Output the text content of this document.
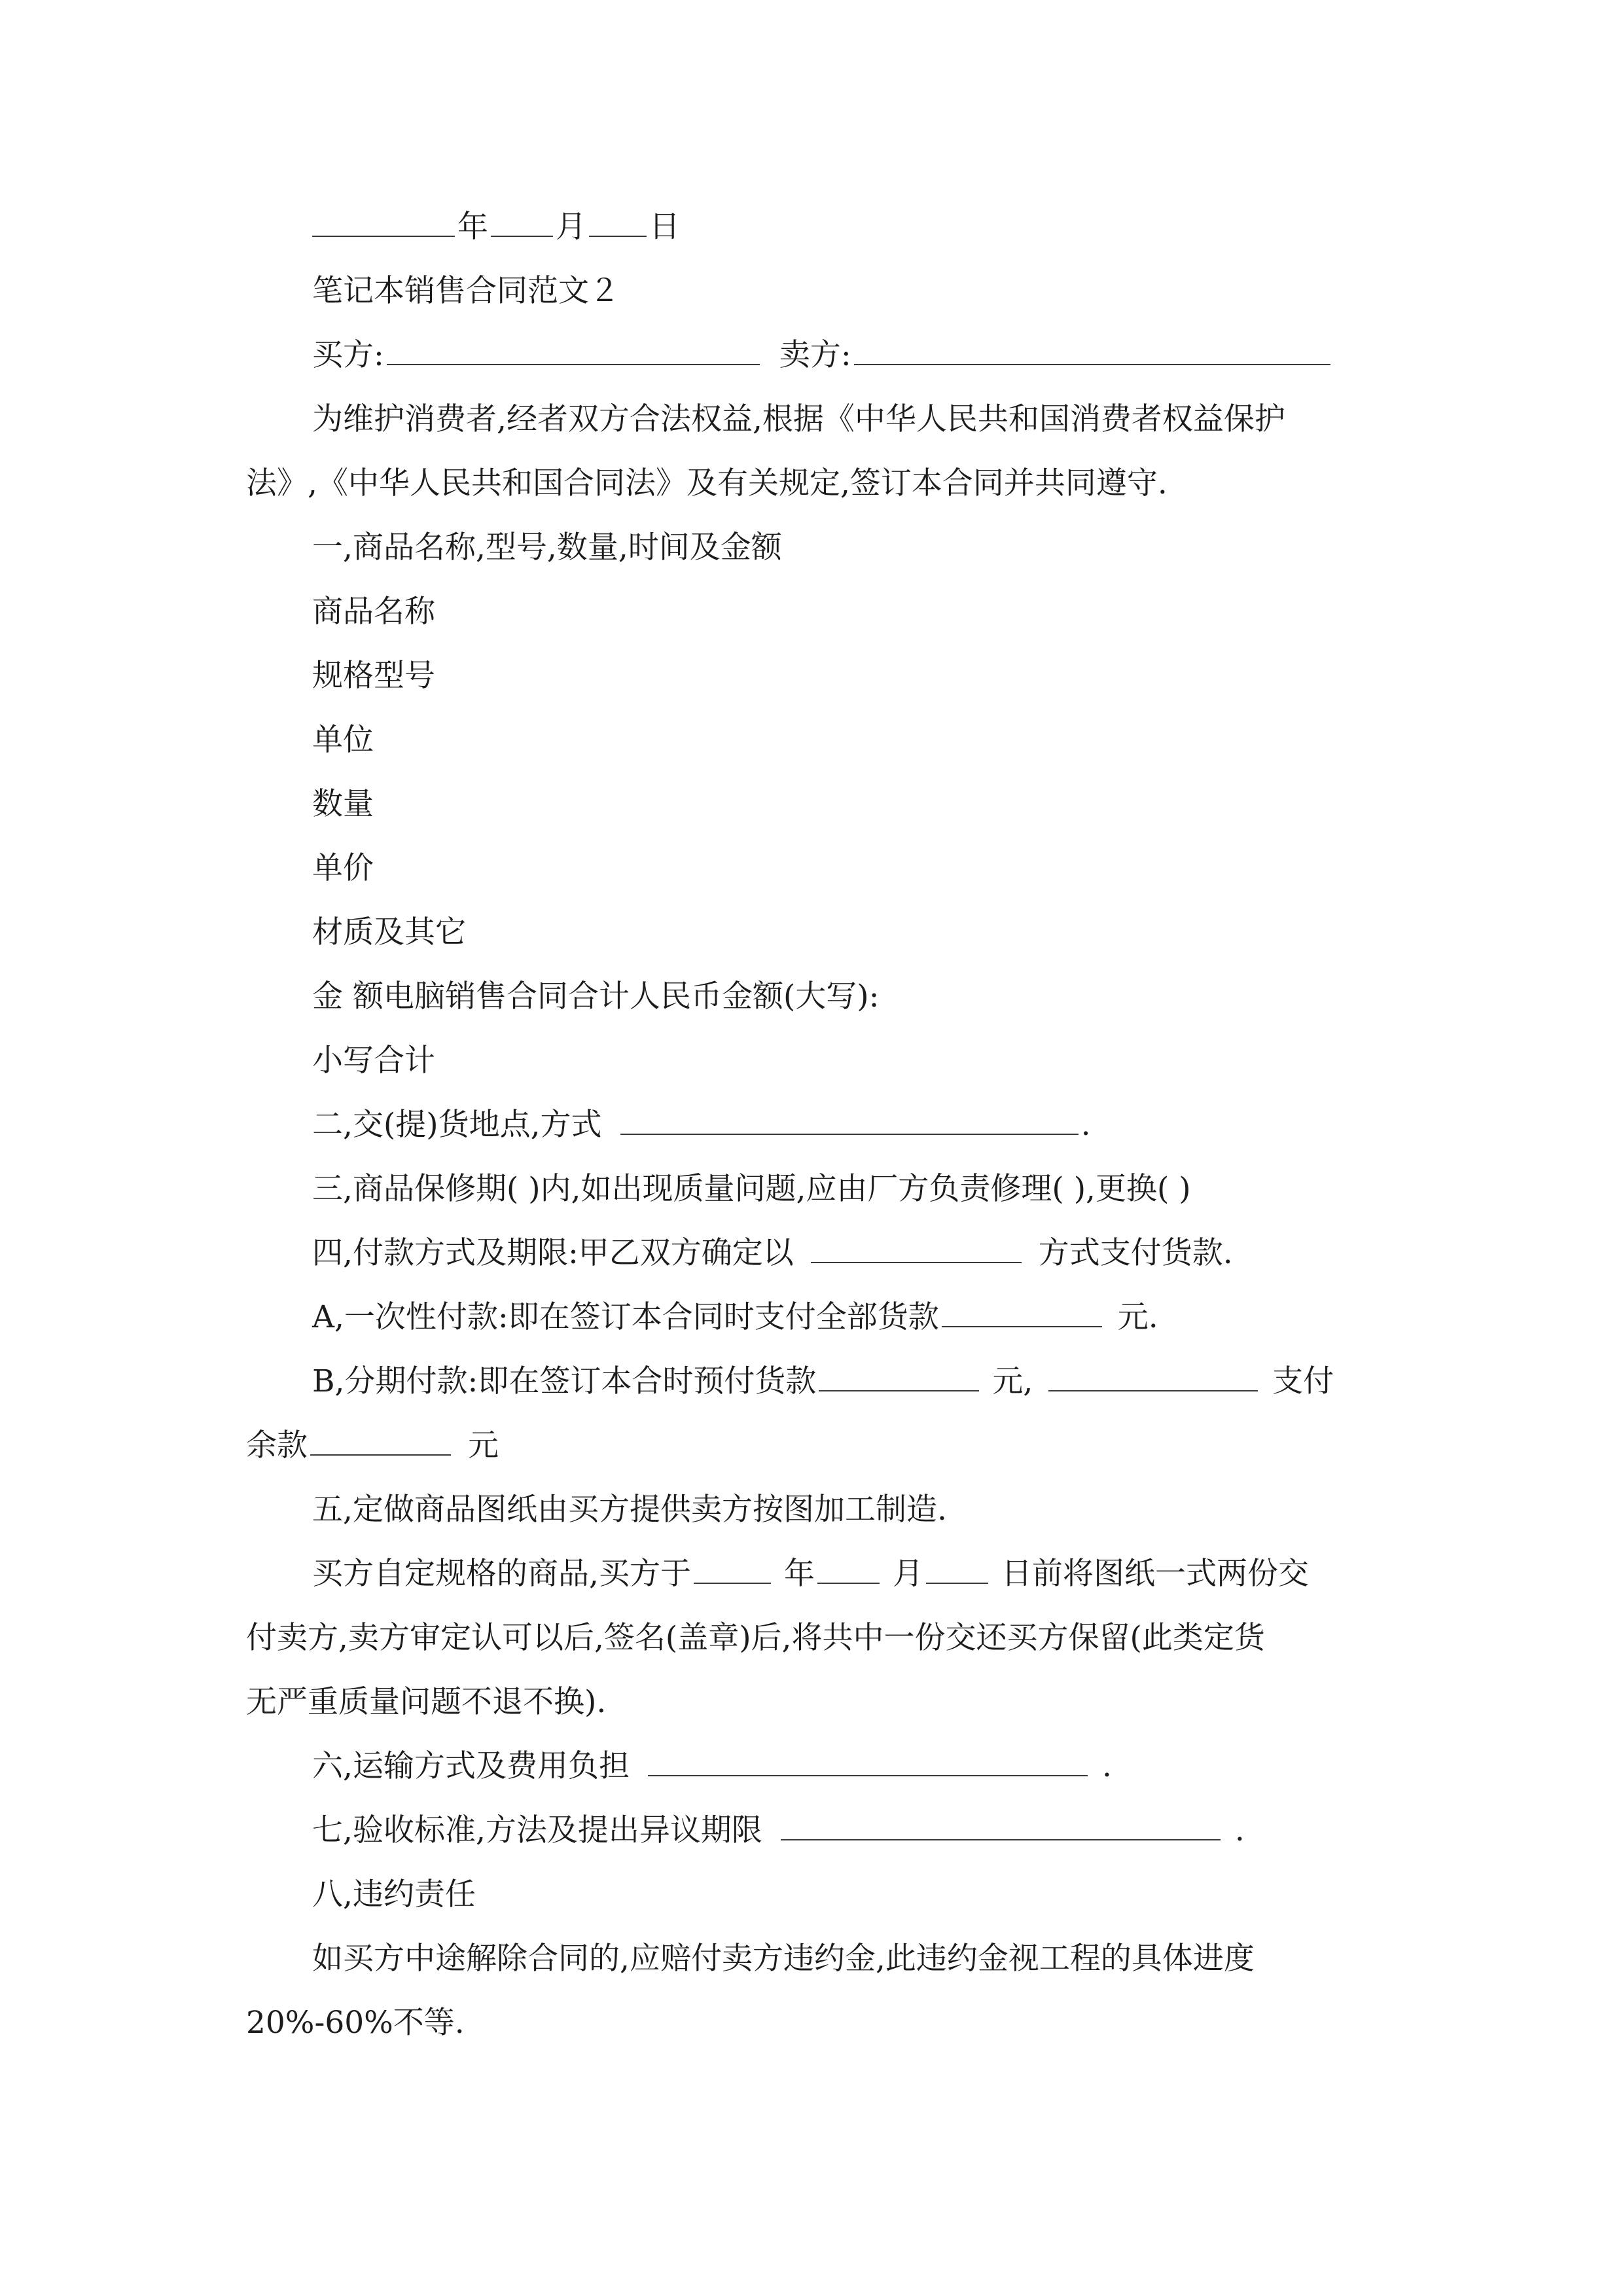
年 月 日
笔记本销售合同范文２
买方:	卖方:
为维护消费者,经者双方合法权益,根据《中华人民共和国消费者权益保护
法》,《中华人民共和国合同法》及有关规定,签订本合同并共同遵守.
一,商品名称,型号,数量,时间及金额
商品名称
规格型号
单位
数量
单价
材质及其它
金 额电脑销售合同合计人民币金额(大写):
小写合计
二,交(提)货地点,方式	.
三,商品保修期( )内,如出现质量问题,应由厂方负责修理( ),更换( )
四,付款方式及期限:甲乙双方确定以	方式支付货款.
A,一次性付款:即在签订本合同时支付全部货款	元.
B,分期付款:即在签订本合时预付货款	元,	支付
余款	元
五,定做商品图纸由买方提供卖方按图加工制造.
买方自定规格的商品,买方于	年	月	日前将图纸一式两份交
付卖方,卖方审定认可以后,签名(盖章)后,将共中一份交还买方保留(此类定货
无严重质量问题不退不换).
六,运输方式及费用负担	.
七,验收标准,方法及提出异议期限	.
八,违约责任
如买方中途解除合同的,应赔付卖方违约金,此违约金视工程的具体进度
20%-60%不等.
